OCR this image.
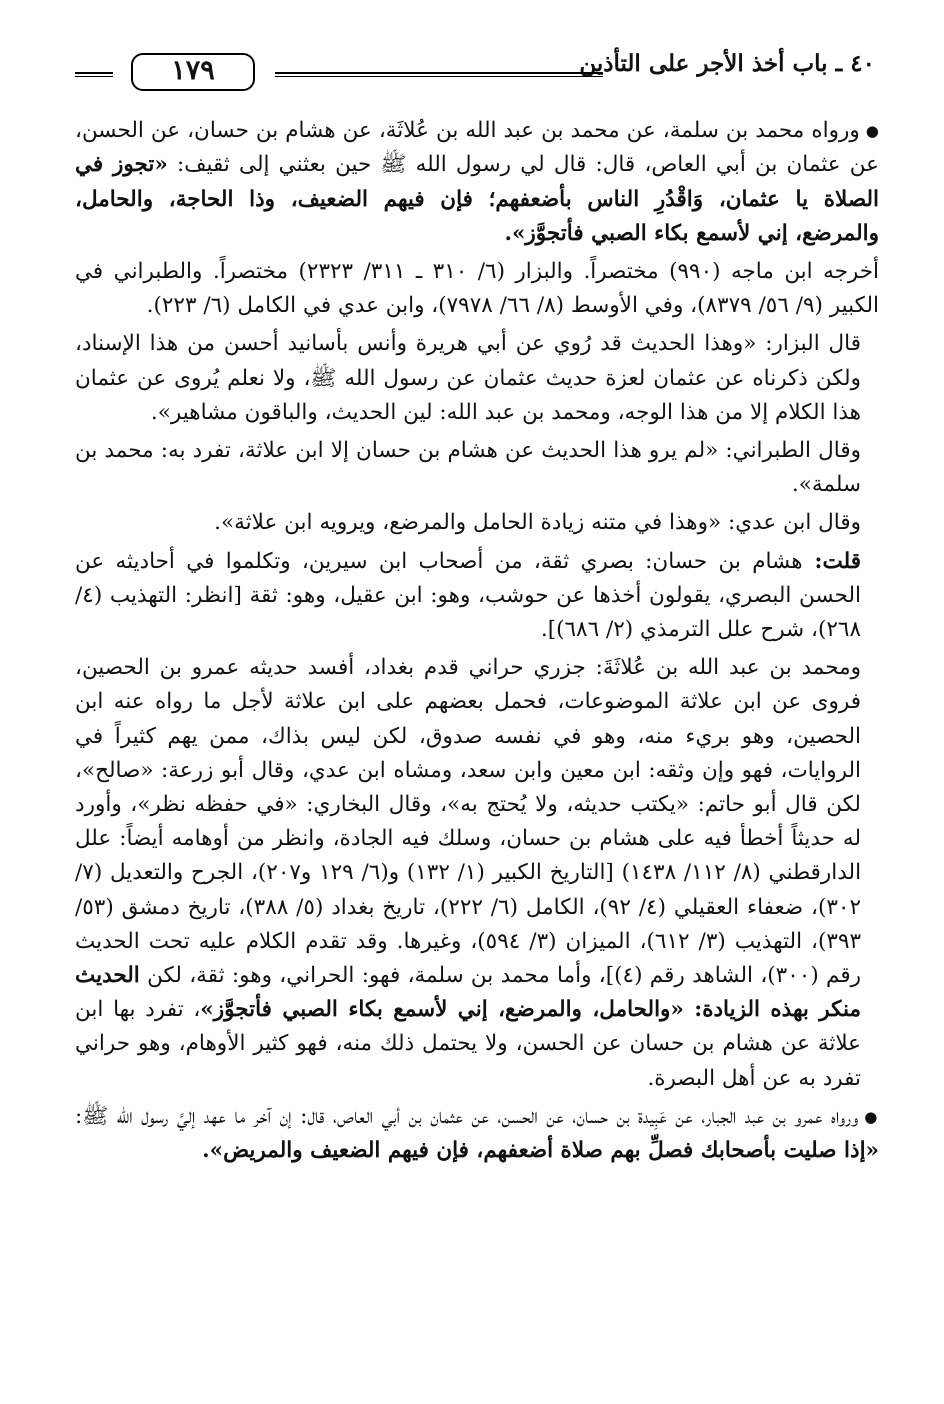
٤٠ ـ باب أخذ الأجر على التأذين
١٧٩

●ورواه محمد بن سلمة، عن محمد بن عبد الله بن عُلاثَة، عن هشام بن حسان، عن الحسن، عن عثمان بن أبي العاص، قال: قال لي رسول الله ﷺ حين بعثني إلى ثقيف: «تجوز في الصلاة يا عثمان، وَاقْدُرِ الناس بأضعفهم؛ فإن فيهم الضعيف، وذا الحاجة، والحامل، والمرضع، إني لأسمع بكاء الصبي فأتجوَّز».

أخرجه ابن ماجه (٩٩٠) مختصراً. والبزار (٦/ ٣١٠ ـ ٣١١/ ٢٣٢٣) مختصراً. والطبراني في الكبير (٩/ ٥٦/ ٨٣٧٩)، وفي الأوسط (٨/ ٦٦/ ٧٩٧٨)، وابن عدي في الكامل (٦/ ٢٢٣).

قال البزار: «وهذا الحديث قد رُوي عن أبي هريرة وأنس بأسانيد أحسن من هذا الإسناد، ولكن ذكرناه عن عثمان لعزة حديث عثمان عن رسول الله ﷺ، ولا نعلم يُروى عن عثمان هذا الكلام إلا من هذا الوجه، ومحمد بن عبد الله: لين الحديث، والباقون مشاهير».

وقال الطبراني: «لم يرو هذا الحديث عن هشام بن حسان إلا ابن علاثة، تفرد به: محمد بن سلمة».

وقال ابن عدي: «وهذا في متنه زيادة الحامل والمرضع، ويرويه ابن علاثة».

قلت: هشام بن حسان: بصري ثقة، من أصحاب ابن سيرين، وتكلموا في أحاديثه عن الحسن البصري، يقولون أخذها عن حوشب، وهو: ابن عقيل، وهو: ثقة [انظر: التهذيب (٤/ ٢٦٨)، شرح علل الترمذي (٢/ ٦٨٦)].

ومحمد بن عبد الله بن عُلاثَةَ: جزري حراني قدم بغداد، أفسد حديثه عمرو بن الحصين، فروى عن ابن علاثة الموضوعات، فحمل بعضهم على ابن علاثة لأجل ما رواه عنه ابن الحصين، وهو بريء منه، وهو في نفسه صدوق، لكن ليس بذاك، ممن يهم كثيراً في الروايات، فهو وإن وثقه: ابن معين وابن سعد، ومشاه ابن عدي، وقال أبو زرعة: «صالح»، لكن قال أبو حاتم: «يكتب حديثه، ولا يُحتج به»، وقال البخاري: «في حفظه نظر»، وأورد له حديثاً أخطأ فيه على هشام بن حسان، وسلك فيه الجادة، وانظر من أوهامه أيضاً: علل الدارقطني (٨/ ١١٢/ ١٤٣٨) [التاريخ الكبير (١/ ١٣٢) و(٦/ ١٢٩ و٢٠٧)، الجرح والتعديل (٧/ ٣٠٢)، ضعفاء العقيلي (٤/ ٩٢)، الكامل (٦/ ٢٢٢)، تاريخ بغداد (٥/ ٣٨٨)، تاريخ دمشق (٥٣/ ٣٩٣)، التهذيب (٣/ ٦١٢)، الميزان (٣/ ٥٩٤)، وغيرها. وقد تقدم الكلام عليه تحت الحديث رقم (٣٠٠)، الشاهد رقم (٤)]، وأما محمد بن سلمة، فهو: الحراني، وهو: ثقة، لكن الحديث منكر بهذه الزيادة: «والحامل، والمرضع، إني لأسمع بكاء الصبي فأتجوَّز»، تفرد بها ابن علاثة عن هشام بن حسان عن الحسن، ولا يحتمل ذلك منه، فهو كثير الأوهام، وهو حراني تفرد به عن أهل البصرة.

●ورواه عمرو بن عبد الجبار، عن عَبِيدة بن حسان، عن الحسن، عن عثمان بن أبي العاص، قال: إن آخر ما عهد إليَّ رسول الله ﷺ: «إذا صليت بأصحابك فصلِّ بهم صلاة أضعفهم، فإن فيهم الضعيف والمريض».
